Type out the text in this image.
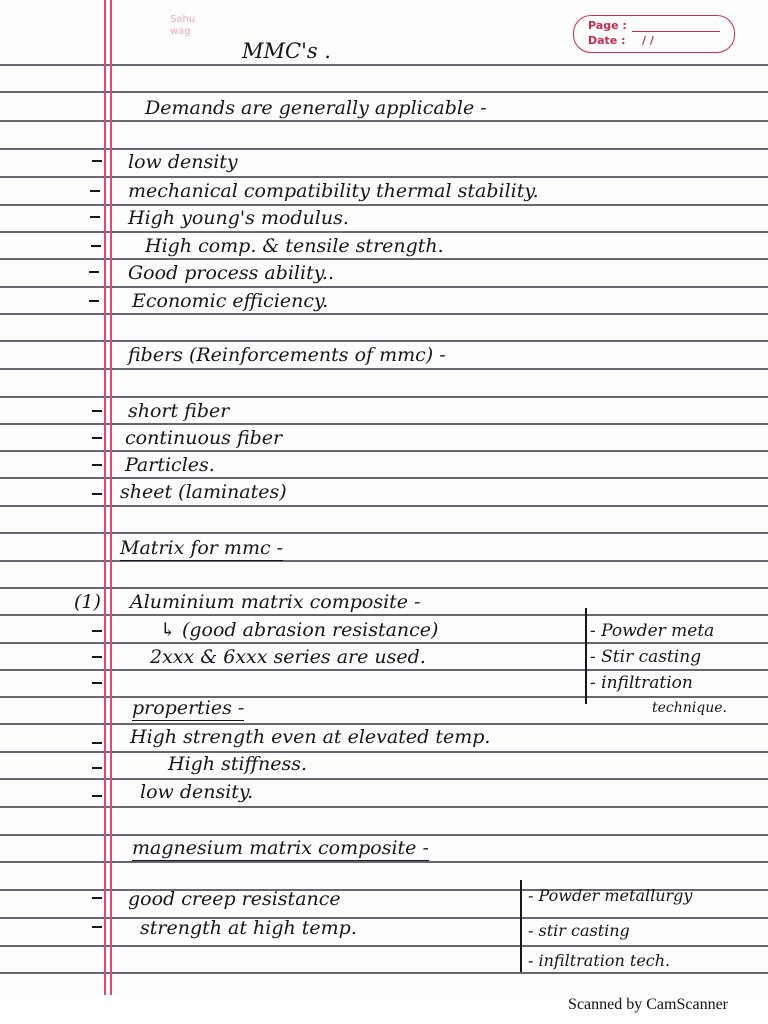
Sahu
wag	Page :
Date : / /
MMC's .
Demands are generally applicable -
low density
mechanical compatibility thermal stability.
High young's modulus.
High comp. & tensile strength.
Good process ability..
Economic efficiency.
fibers (Reinforcements of mmc) -
short fiber
continuous fiber
Particles.
sheet (laminates)
Matrix for mmc -
(1) Aluminium matrix composite -
↳ (good abrasion resistance)
2xxx & 6xxx series are used.
- Powder meta
- Stir casting
- infiltration
technique.
properties -
High strength even at elevated temp.
High stiffness.
low density.
magnesium matrix composite -
good creep resistance
strength at high temp.
- Powder metallurgy
- stir casting
- infiltration tech.
Scanned by CamScanner
